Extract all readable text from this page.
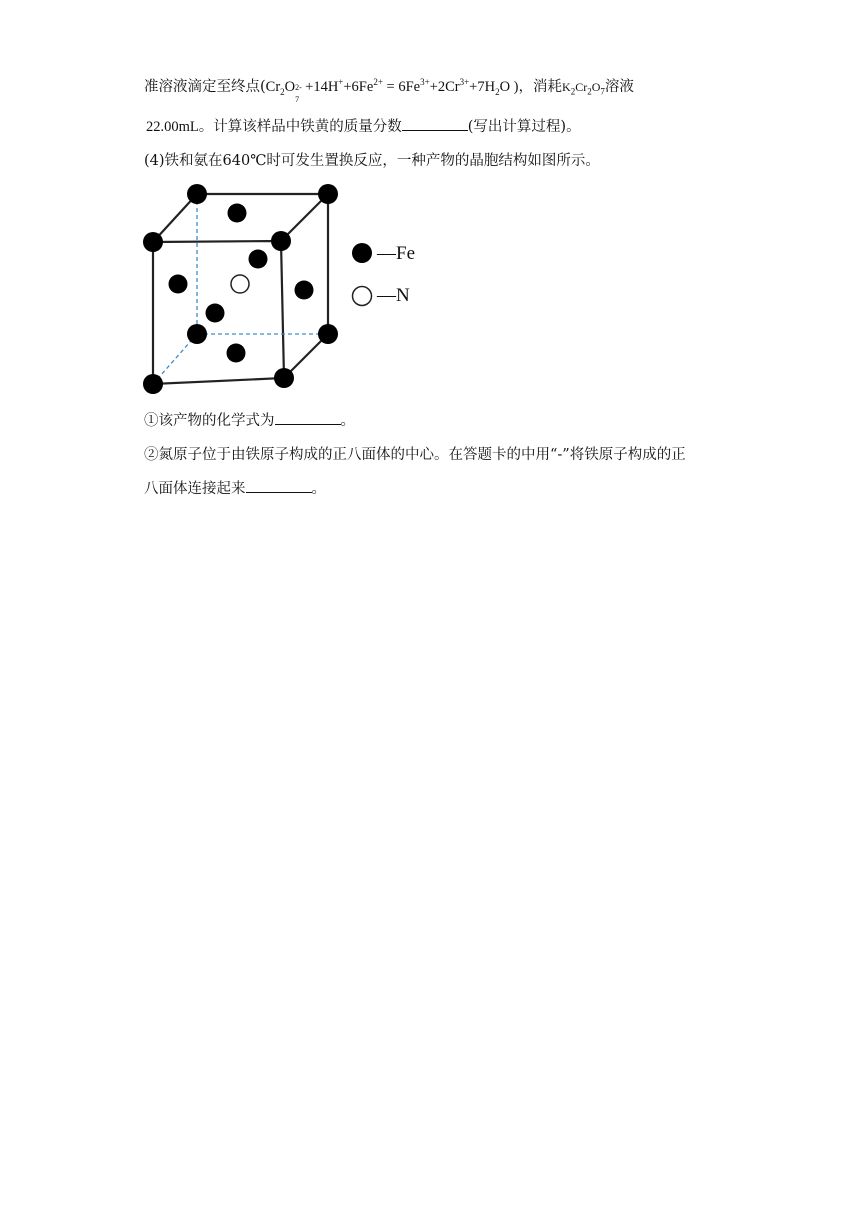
准溶液滴定至终点($Cr_2O$ 2-
7
$+14H^++6Fe^{2+} = 6Fe^{3+}+2Cr^{3+}+7H_2O$ )，消耗$K_2Cr_2O_7$溶液
22.00mL。计算该样品中铁黄的质量分数	(写出计算过程)。
(4)铁和氨在640℃时可发生置换反应，一种产物的晶胞结构如图所示。
—Fe
—N
①该产物的化学式为	。
②氮原子位于由铁原子构成的正八面体的中心。在答题卡的中用“-”将铁原子构成的正
八面体连接起来	。
